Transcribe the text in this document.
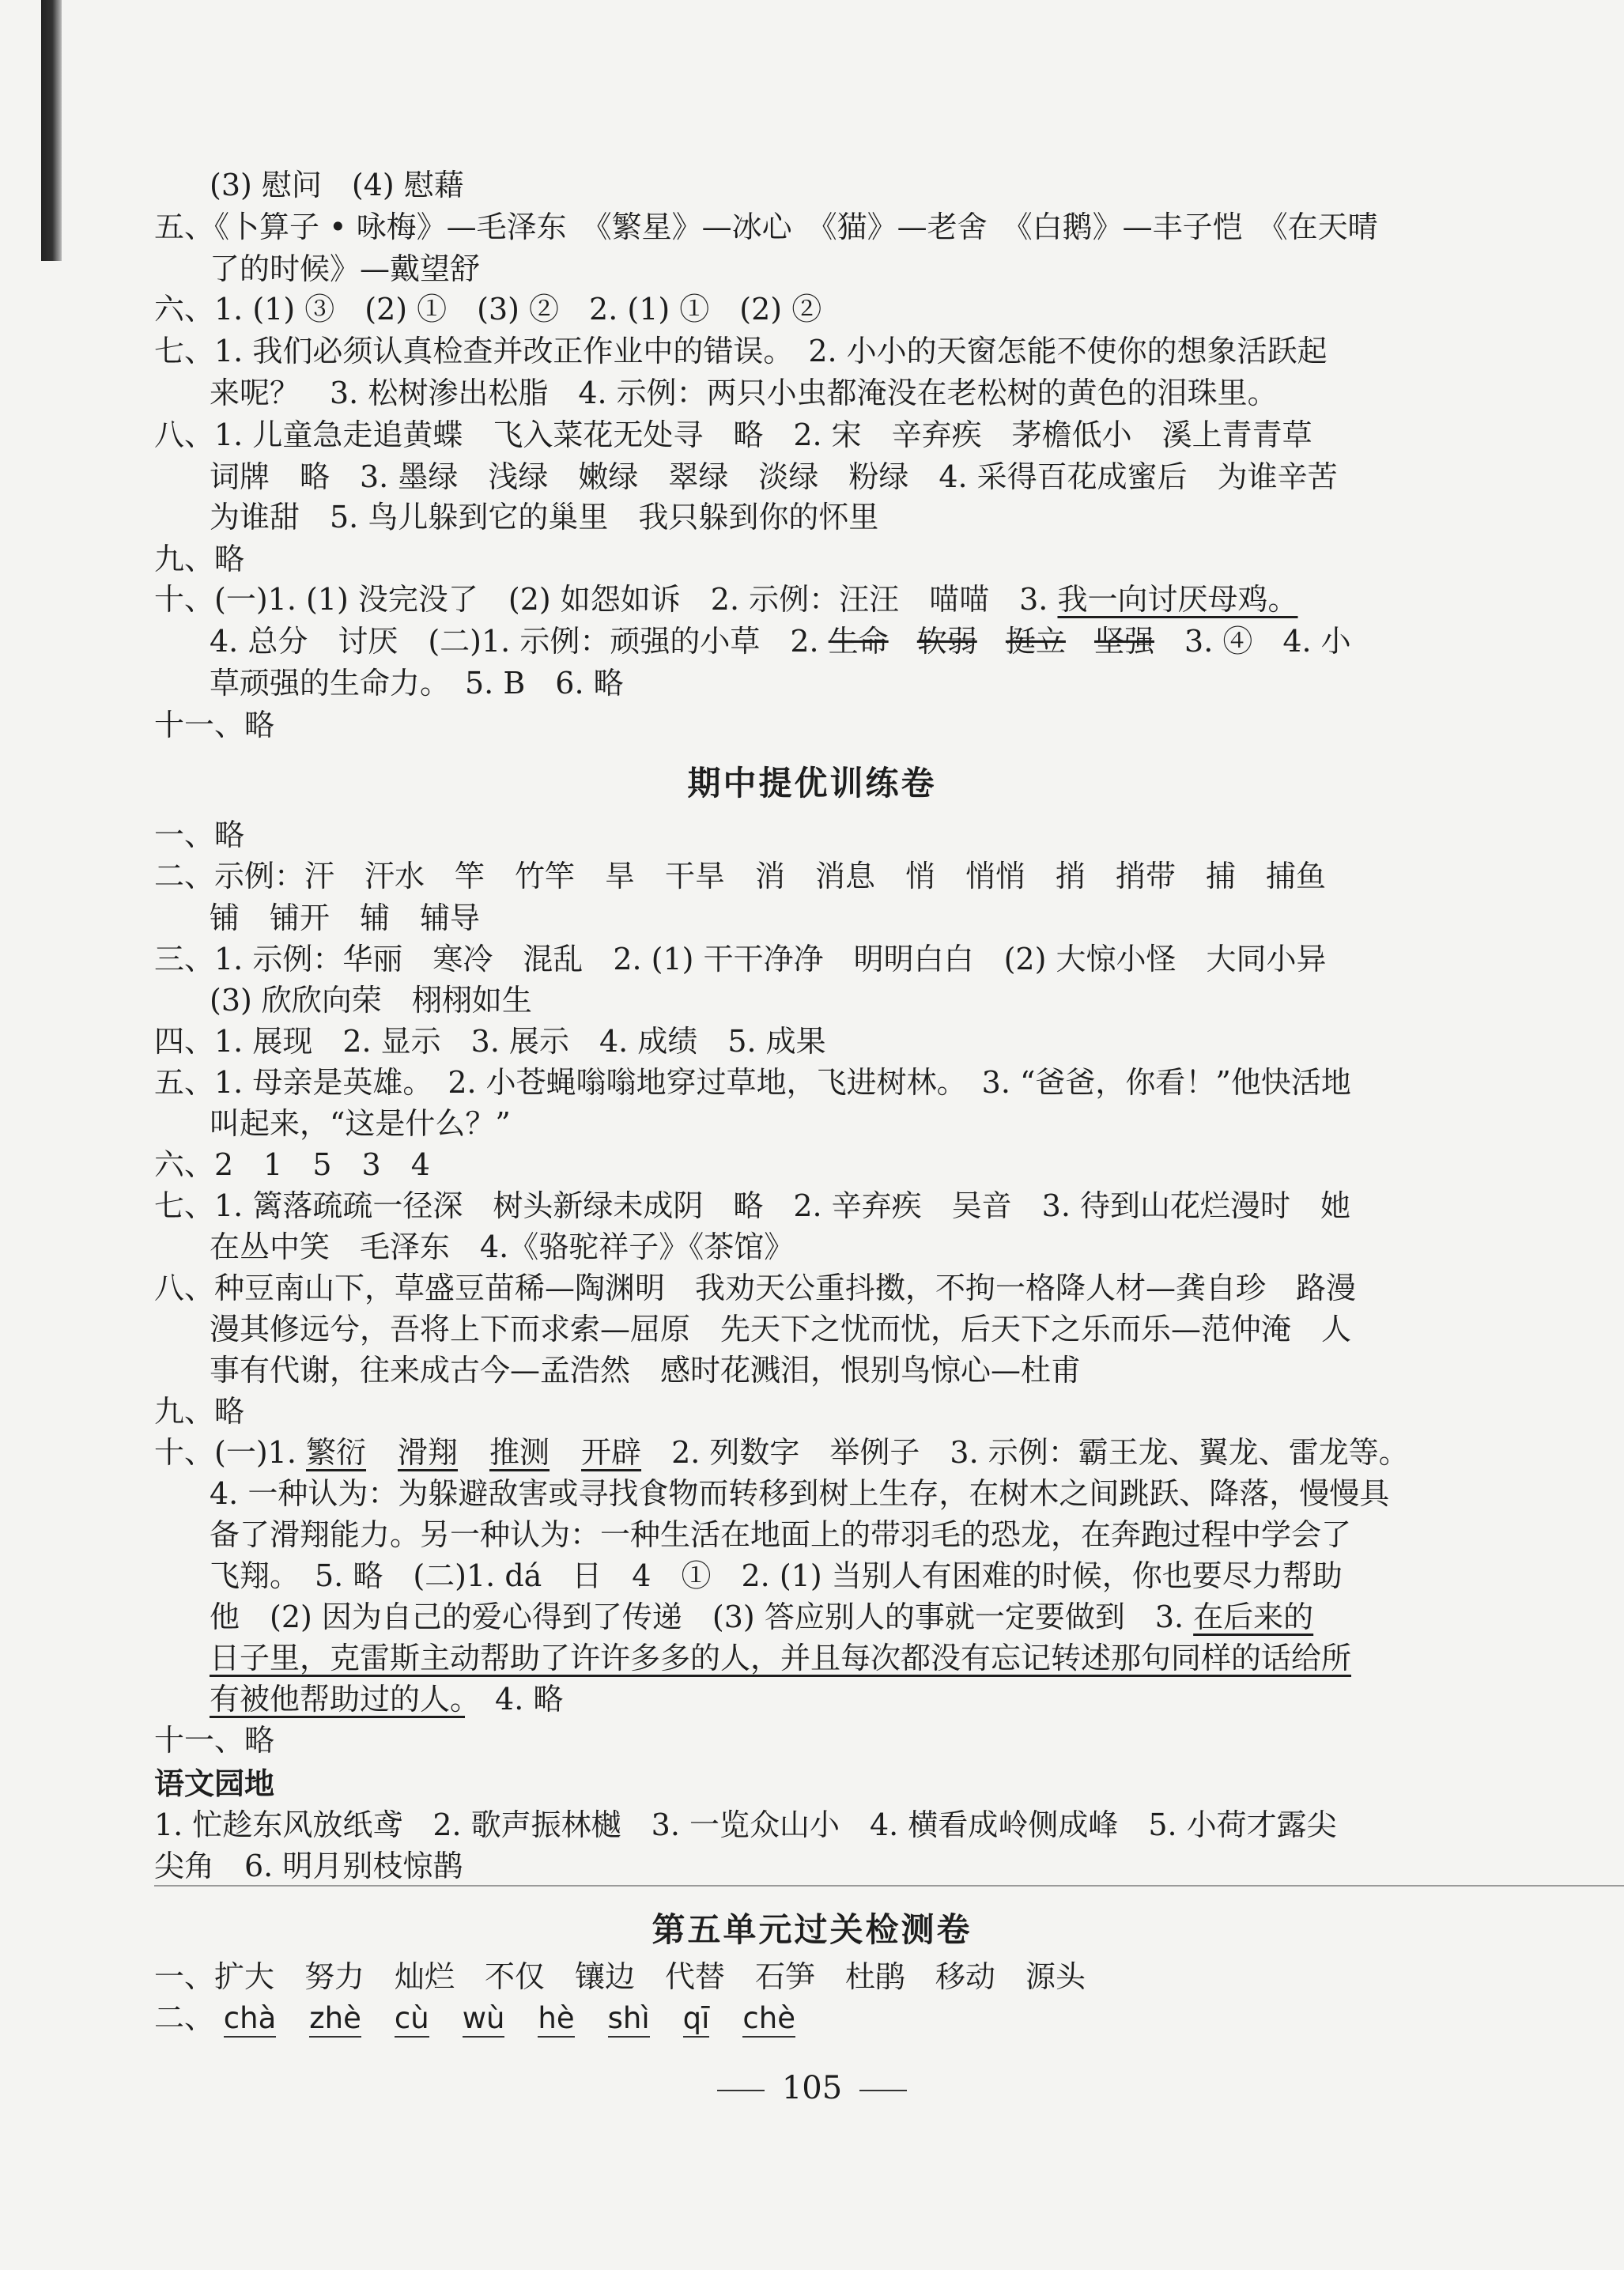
(3) 慰问　(4) 慰藉
五、《卜算子 • 咏梅》—毛泽东　《繁星》—冰心　《猫》—老舍　《白鹅》—丰子恺　《在天晴
了的时候》—戴望舒
六、1. (1) ③　(2) ①　(3) ②　2. (1) ①　(2) ②
七、1. 我们必须认真检查并改正作业中的错误。　2. 小小的天窗怎能不使你的想象活跃起
来呢？　3. 松树渗出松脂　4. 示例：两只小虫都淹没在老松树的黄色的泪珠里。
八、1. 儿童急走追黄蝶　飞入菜花无处寻　略　2. 宋　辛弃疾　茅檐低小　溪上青青草
词牌　略　3. 墨绿　浅绿　嫩绿　翠绿　淡绿　粉绿　4. 采得百花成蜜后　为谁辛苦
为谁甜　5. 鸟儿躲到它的巢里　我只躲到你的怀里
九、略
十、(一)1. (1) 没完没了　(2) 如怨如诉　2. 示例：汪汪　喵喵　3. 我一向讨厌母鸡。
4. 总分　讨厌　(二)1. 示例：顽强的小草　2. 生命 软弱 挺立 坚强　3. ④　4. 小
草顽强的生命力。　5. B　6. 略
十一、略
期中提优训练卷
一、略
二、示例：汗　汗水　竿　竹竿　旱　干旱　消　消息　悄　悄悄　捎　捎带　捕　捕鱼
铺　铺开　辅　辅导
三、1. 示例：华丽　寒冷　混乱　2. (1) 干干净净　明明白白　(2) 大惊小怪　大同小异
(3) 欣欣向荣　栩栩如生
四、1. 展现　2. 显示　3. 展示　4. 成绩　5. 成果
五、1. 母亲是英雄。　2. 小苍蝇嗡嗡地穿过草地，飞进树林。　3. “爸爸，你看！”他快活地
叫起来，“这是什么？”
六、2　1　5　3　4
七、1. 篱落疏疏一径深　树头新绿未成阴　略　2. 辛弃疾　吴音　3. 待到山花烂漫时　她
在丛中笑　毛泽东　4.《骆驼祥子》《茶馆》
八、种豆南山下，草盛豆苗稀—陶渊明　我劝天公重抖擞，不拘一格降人材—龚自珍　路漫
漫其修远兮，吾将上下而求索—屈原　先天下之忧而忧，后天下之乐而乐—范仲淹　人
事有代谢，往来成古今—孟浩然　感时花溅泪，恨别鸟惊心—杜甫
九、略
十、(一)1. 繁衍 滑翔 推测 开辟　2. 列数字　举例子　3. 示例：霸王龙、翼龙、雷龙等。
4. 一种认为：为躲避敌害或寻找食物而转移到树上生存，在树木之间跳跃、降落，慢慢具
备了滑翔能力。另一种认为：一种生活在地面上的带羽毛的恐龙，在奔跑过程中学会了
飞翔。　5. 略　(二)1. dá　日　4　①　2. (1) 当别人有困难的时候，你也要尽力帮助
他　(2) 因为自己的爱心得到了传递　(3) 答应别人的事就一定要做到　3. 在后来的
日子里，克雷斯主动帮助了许许多多的人，并且每次都没有忘记转述那句同样的话给所
有被他帮助过的人。　4. 略
十一、略
语文园地
1. 忙趁东风放纸鸢　2. 歌声振林樾　3. 一览众山小　4. 横看成岭侧成峰　5. 小荷才露尖
尖角　6. 明月别枝惊鹊
第五单元过关检测卷
一、扩大　努力　灿烂　不仅　镶边　代替　石笋　杜鹃　移动　源头
二、 chà zhè cù wù hè shì qī chè
105
